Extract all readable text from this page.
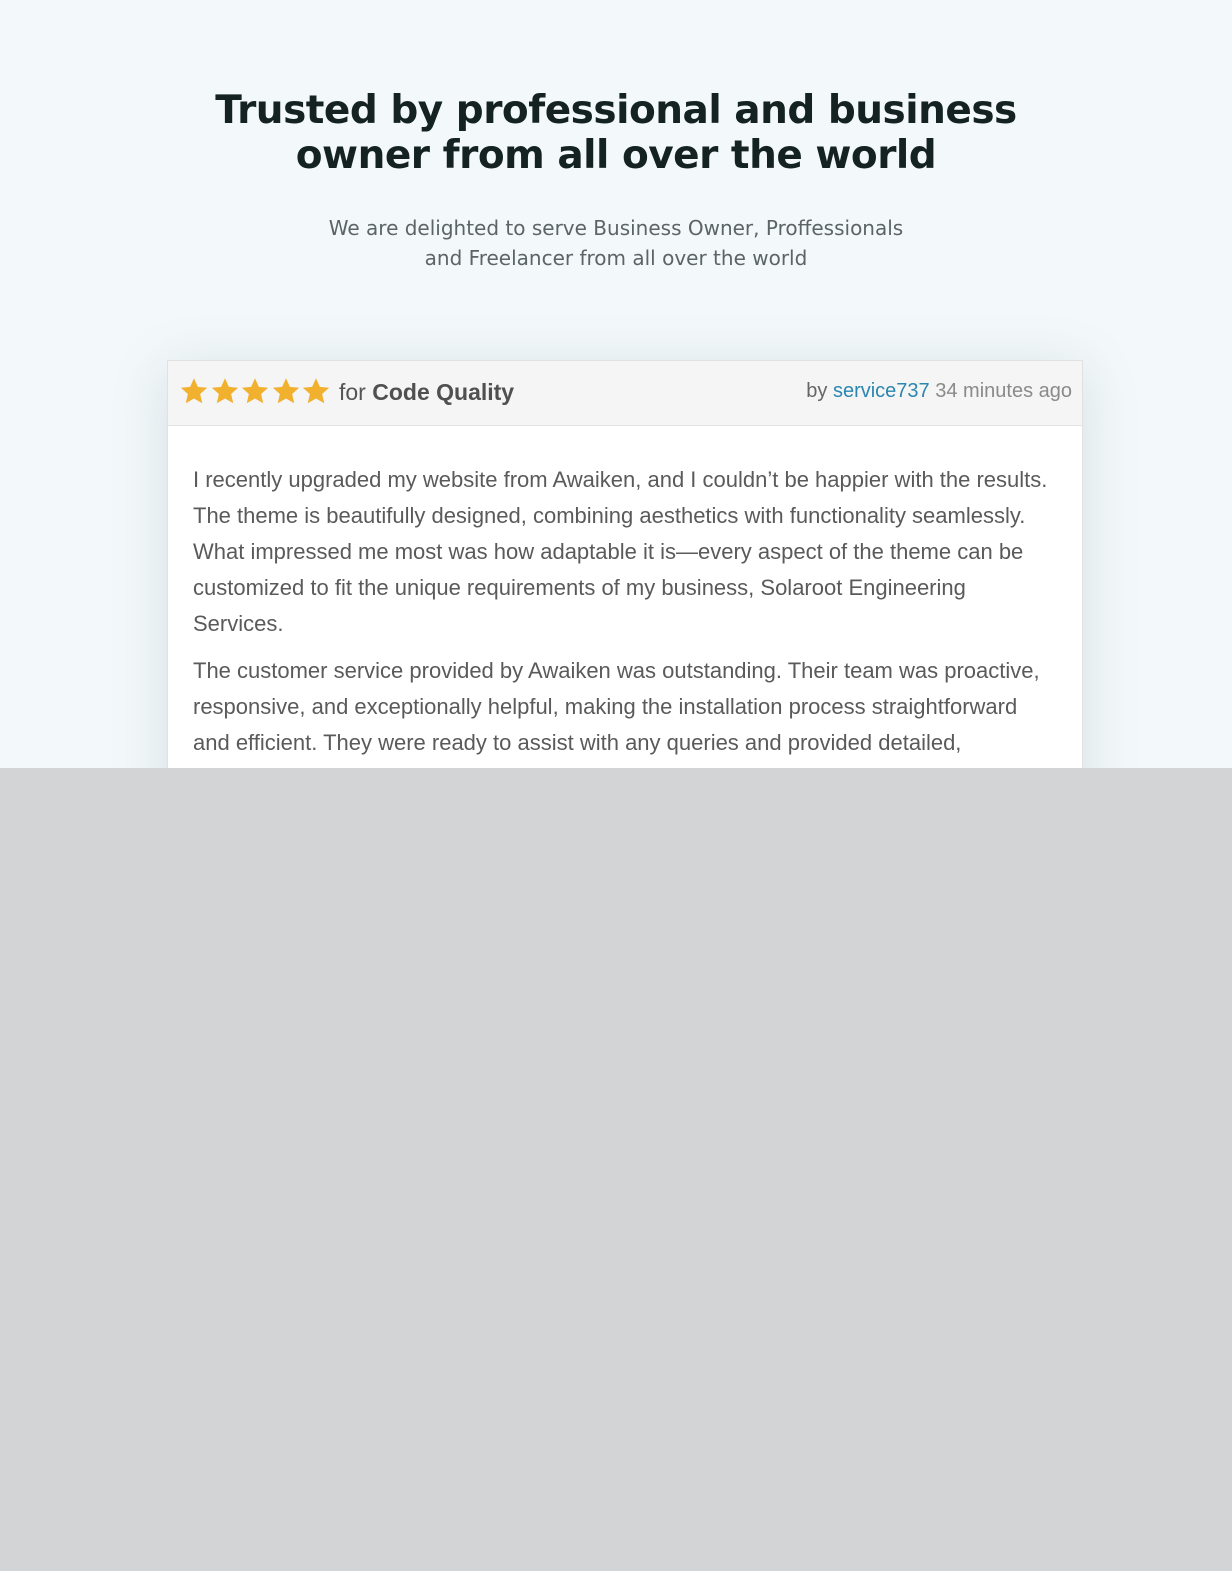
Trusted by professional and business
owner from all over the world

We are delighted to serve Business Owner, Proffessionals
and Freelancer from all over the world

for Code Quality	by service737 34 minutes ago

I recently upgraded my website from Awaiken, and I couldn’t be happier with the results. The theme is beautifully designed, combining aesthetics with functionality seamlessly. What impressed me most was how adaptable it is—every aspect of the theme can be customized to fit the unique requirements of my business, Solaroot Engineering Services.

The customer service provided by Awaiken was outstanding. Their team was proactive, responsive, and exceptionally helpful, making the installation process straightforward and efficient. They were ready to assist with any queries and provided detailed,
